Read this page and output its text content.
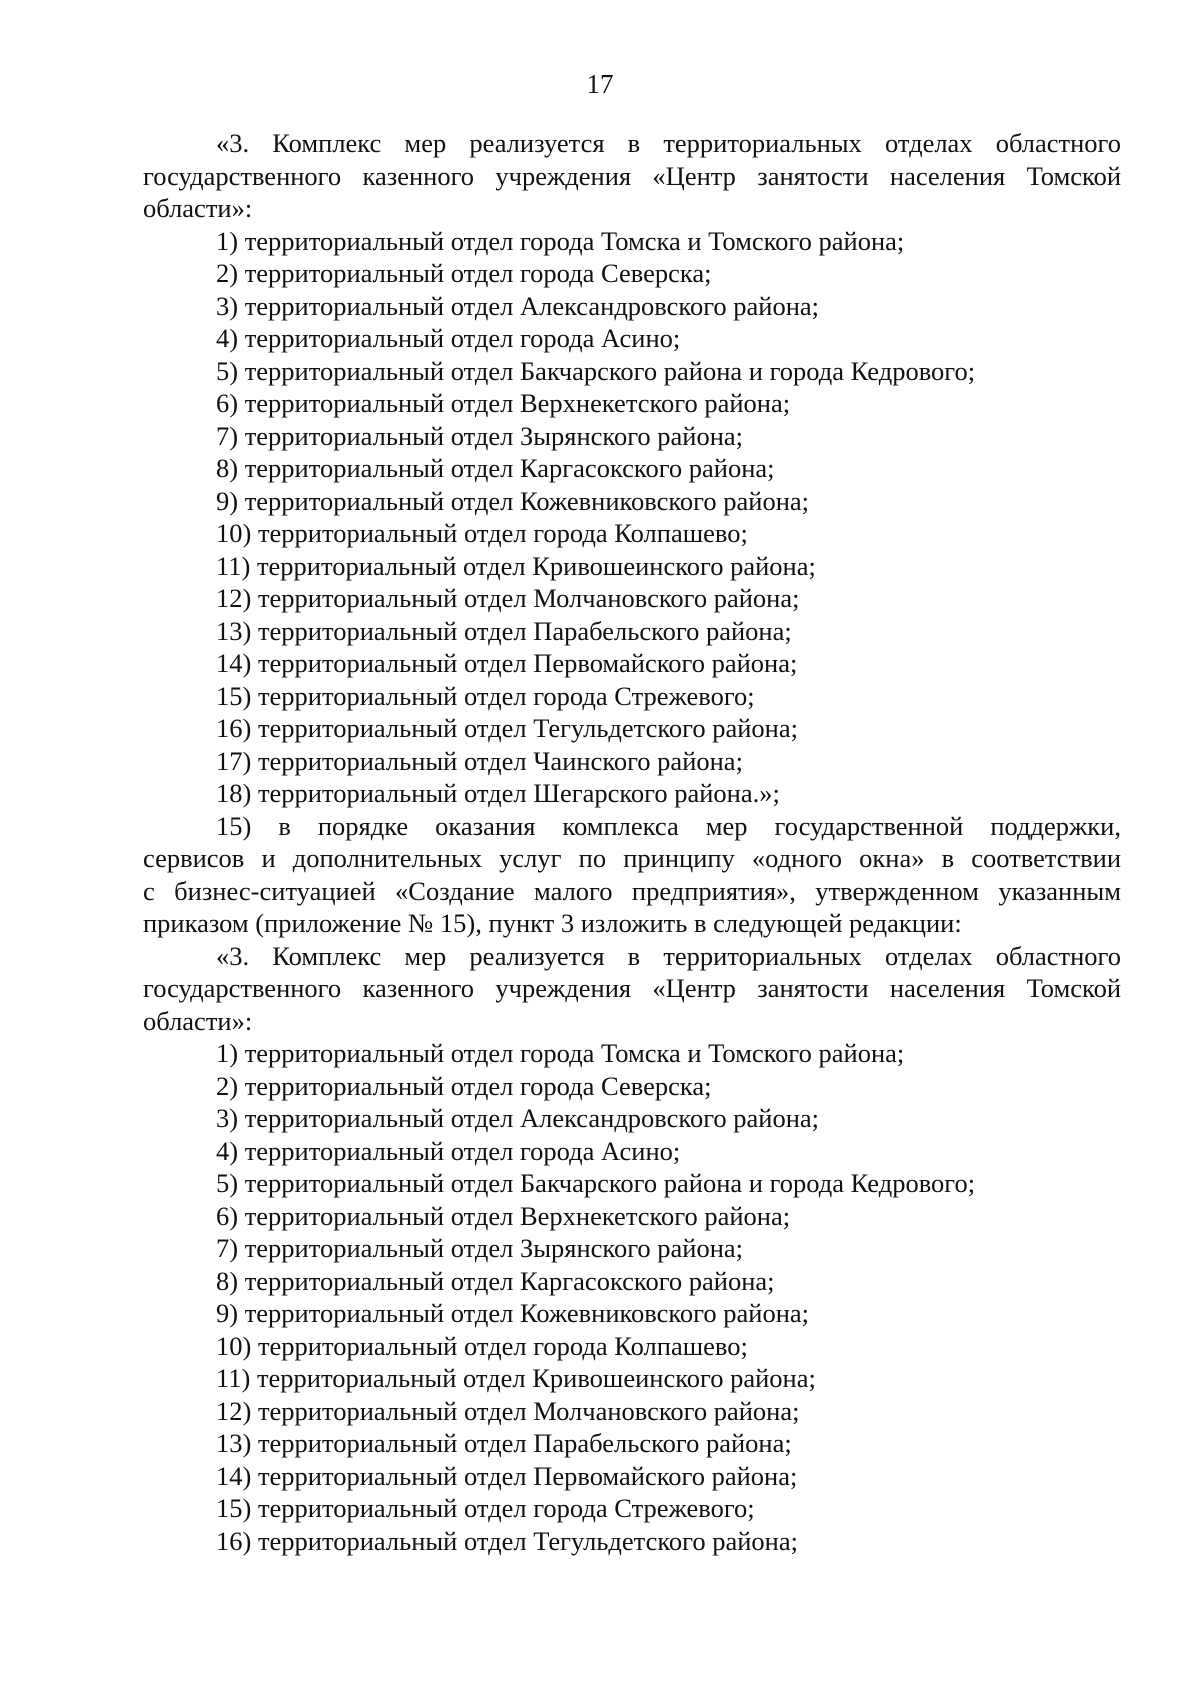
17
«3. Комплекс мер реализуется в территориальных отделах областного
государственного казенного учреждения «Центр занятости населения Томской
области»:
1) территориальный отдел города Томска и Томского района;
2) территориальный отдел города Северска;
3) территориальный отдел Александровского района;
4) территориальный отдел города Асино;
5) территориальный отдел Бакчарского района и города Кедрового;
6) территориальный отдел Верхнекетского района;
7) территориальный отдел Зырянского района;
8) территориальный отдел Каргасокского района;
9) территориальный отдел Кожевниковского района;
10) территориальный отдел города Колпашево;
11) территориальный отдел Кривошеинского района;
12) территориальный отдел Молчановского района;
13) территориальный отдел Парабельского района;
14) территориальный отдел Первомайского района;
15) территориальный отдел города Стрежевого;
16) территориальный отдел Тегульдетского района;
17) территориальный отдел Чаинского района;
18) территориальный отдел Шегарского района.»;
15) в порядке оказания комплекса мер государственной поддержки,
сервисов и дополнительных услуг по принципу «одного окна» в соответствии
с бизнес-ситуацией «Создание малого предприятия», утвержденном указанным
приказом (приложение № 15), пункт 3 изложить в следующей редакции:
«3. Комплекс мер реализуется в территориальных отделах областного
государственного казенного учреждения «Центр занятости населения Томской
области»:
1) территориальный отдел города Томска и Томского района;
2) территориальный отдел города Северска;
3) территориальный отдел Александровского района;
4) территориальный отдел города Асино;
5) территориальный отдел Бакчарского района и города Кедрового;
6) территориальный отдел Верхнекетского района;
7) территориальный отдел Зырянского района;
8) территориальный отдел Каргасокского района;
9) территориальный отдел Кожевниковского района;
10) территориальный отдел города Колпашево;
11) территориальный отдел Кривошеинского района;
12) территориальный отдел Молчановского района;
13) территориальный отдел Парабельского района;
14) территориальный отдел Первомайского района;
15) территориальный отдел города Стрежевого;
16) территориальный отдел Тегульдетского района;
